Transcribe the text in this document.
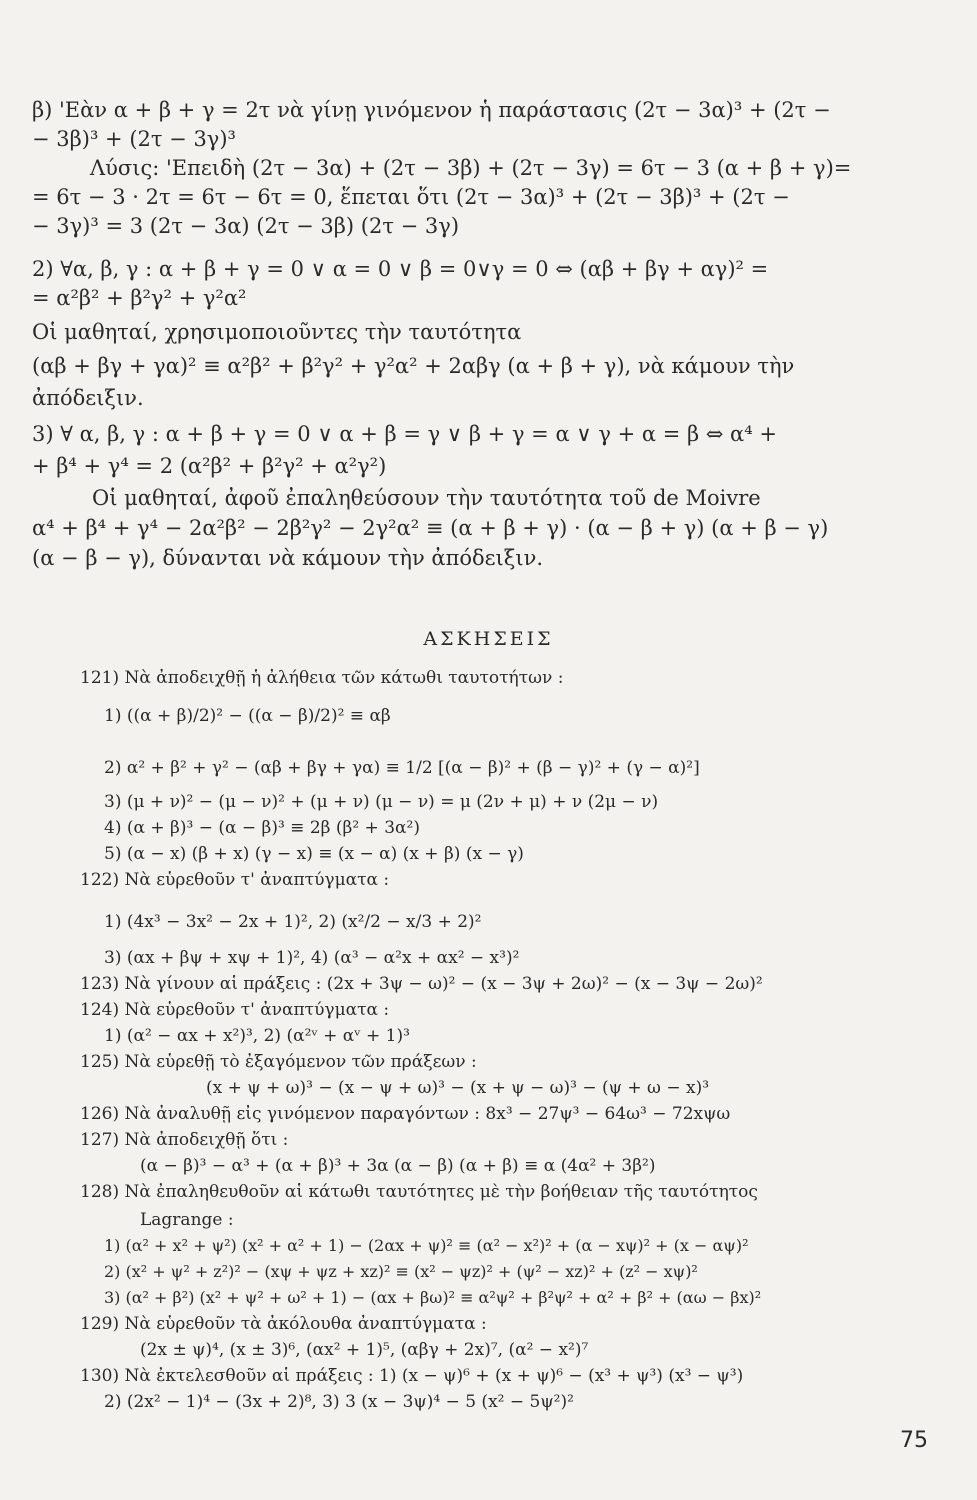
β) 'Εὰν α + β + γ = 2τ νὰ γίνῃ γινόμενον ἡ παράστασις (2τ − 3α)³ + (2τ −
− 3β)³ + (2τ − 3γ)³
Λύσις: 'Επειδὴ (2τ − 3α) + (2τ − 3β) + (2τ − 3γ) = 6τ − 3 (α + β + γ)=
= 6τ − 3 · 2τ = 6τ − 6τ = 0, ἕπεται ὅτι (2τ − 3α)³ + (2τ − 3β)³ + (2τ −
− 3γ)³ = 3 (2τ − 3α) (2τ − 3β) (2τ − 3γ)
2) ∀α, β, γ : α + β + γ = 0 ∨ α = 0 ∨ β = 0∨γ = 0 ⇔ (αβ + βγ + αγ)² =
= α²β² + β²γ² + γ²α²
Οἱ μαθηταί, χρησιμοποιοῦντες τὴν ταυτότητα
(αβ + βγ + γα)² ≡ α²β² + β²γ² + γ²α² + 2αβγ (α + β + γ), νὰ κάμουν τὴν
ἀπόδειξιν.
3) ∀ α, β, γ : α + β + γ = 0 ∨ α + β = γ ∨ β + γ = α ∨ γ + α = β ⇔ α⁴ +
+ β⁴ + γ⁴ = 2 (α²β² + β²γ² + α²γ²)
Οἱ μαθηταί, ἀφοῦ ἐπαληθεύσουν τὴν ταυτότητα τοῦ de Moivre
α⁴ + β⁴ + γ⁴ − 2α²β² − 2β²γ² − 2γ²α² ≡ (α + β + γ) · (α − β + γ) (α + β − γ)
(α − β − γ), δύνανται νὰ κάμουν τὴν ἀπόδειξιν.
ΑΣΚΗΣΕΙΣ
121) Νὰ ἀποδειχθῇ ἡ ἀλήθεια τῶν κάτωθι ταυτοτήτων :
1) ((α + β)/2)² − ((α − β)/2)² ≡ αβ
2) α² + β² + γ² − (αβ + βγ + γα) ≡ 1/2 [(α − β)² + (β − γ)² + (γ − α)²]
3) (μ + ν)² − (μ − ν)² + (μ + ν) (μ − ν) = μ (2ν + μ) + ν (2μ − ν)
4) (α + β)³ − (α − β)³ ≡ 2β (β² + 3α²)
5) (α − x) (β + x) (γ − x) ≡ (x − α) (x + β) (x − γ)
122) Νὰ εὑρεθοῦν τ' ἀναπτύγματα :
1) (4x³ − 3x² − 2x + 1)², 2) (x²/2 − x/3 + 2)²
3) (αx + βψ + xψ + 1)², 4) (α³ − α²x + αx² − x³)²
123) Νὰ γίνουν αἱ πράξεις : (2x + 3ψ − ω)² − (x − 3ψ + 2ω)² − (x − 3ψ − 2ω)²
124) Νὰ εὑρεθοῦν τ' ἀναπτύγματα :
1) (α² − αx + x²)³, 2) (α²ᵛ + αᵛ + 1)³
125) Νὰ εὑρεθῇ τὸ ἐξαγόμενον τῶν πράξεων :
(x + ψ + ω)³ − (x − ψ + ω)³ − (x + ψ − ω)³ − (ψ + ω − x)³
126) Νὰ ἀναλυθῇ εἰς γινόμενον παραγόντων : 8x³ − 27ψ³ − 64ω³ − 72xψω
127) Νὰ ἀποδειχθῇ ὅτι :
(α − β)³ − α³ + (α + β)³ + 3α (α − β) (α + β) ≡ α (4α² + 3β²)
128) Νὰ ἐπαληθευθοῦν αἱ κάτωθι ταυτότητες μὲ τὴν βοήθειαν τῆς ταυτότητος
Lagrange :
1) (α² + x² + ψ²) (x² + α² + 1) − (2αx + ψ)² ≡ (α² − x²)² + (α − xψ)² + (x − αψ)²
2) (x² + ψ² + z²)² − (xψ + ψz + xz)² ≡ (x² − ψz)² + (ψ² − xz)² + (z² − xψ)²
3) (α² + β²) (x² + ψ² + ω² + 1) − (αx + βω)² ≡ α²ψ² + β²ψ² + α² + β² + (αω − βx)²
129) Νὰ εὑρεθοῦν τὰ ἀκόλουθα ἀναπτύγματα :
(2x ± ψ)⁴, (x ± 3)⁶, (αx² + 1)⁵, (αβγ + 2x)⁷, (α² − x²)⁷
130) Νὰ ἐκτελεσθοῦν αἱ πράξεις : 1) (x − ψ)⁶ + (x + ψ)⁶ − (x³ + ψ³) (x³ − ψ³)
2) (2x² − 1)⁴ − (3x + 2)⁸, 3) 3 (x − 3ψ)⁴ − 5 (x² − 5ψ²)²
75
